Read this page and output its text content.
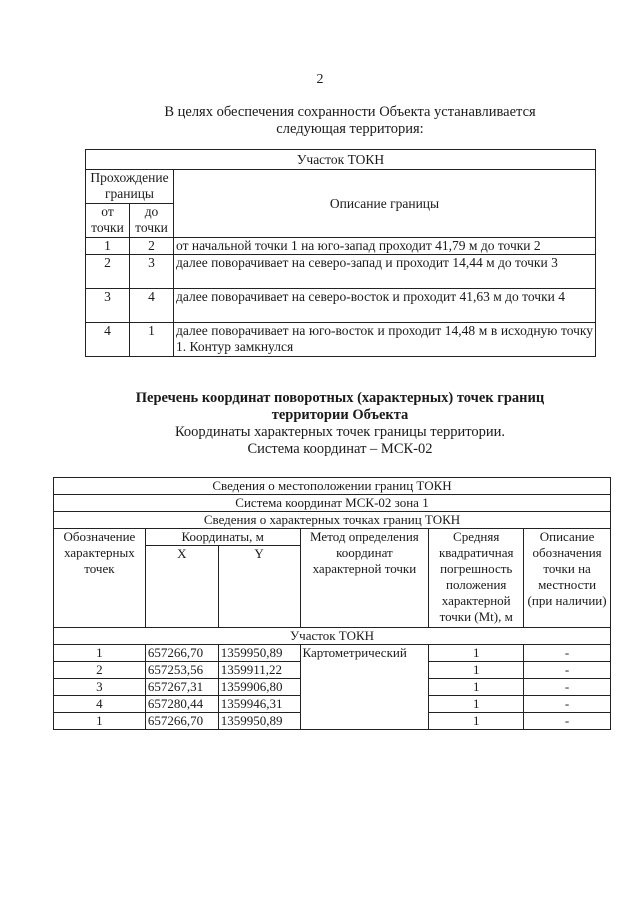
2
В целях обеспечения сохранности Объекта устанавливается
следующая территория:
Участок ТОКН		
Прохождение границы		Описание границы
от точки	до точки	
1	2	от начальной точки 1 на юго-запад проходит 41,79 м до точки 2
2	3	далее поворачивает на северо-запад и проходит 14,44 м до точки 3
3	4	далее поворачивает на северо-восток и проходит 41,63 м до точки 4
4	1	далее поворачивает на юго-восток и проходит 14,48 м в исходную точку 1. Контур замкнулся
Перечень координат поворотных (характерных) точек границ
территории Объекта
Координаты характерных точек границы территории.
Система координат – МСК-02
Сведения о местоположении границ ТОКН					
Система координат МСК-02 зона 1					
Сведения о характерных точках границ ТОКН					
Обозначение характерных точек	Координаты, м		Метод определения координат характерной точки	Средняя квадратичная погрешность положения характерной точки (Mt), м	Описание обозначения точки на местности (при наличии)
	X	Y			
Участок ТОКН					
1	657266,70	1359950,89	Картометрический	1	-
2	657253,56	1359911,22		1	-
3	657267,31	1359906,80		1	-
4	657280,44	1359946,31		1	-
1	657266,70	1359950,89		1	-
